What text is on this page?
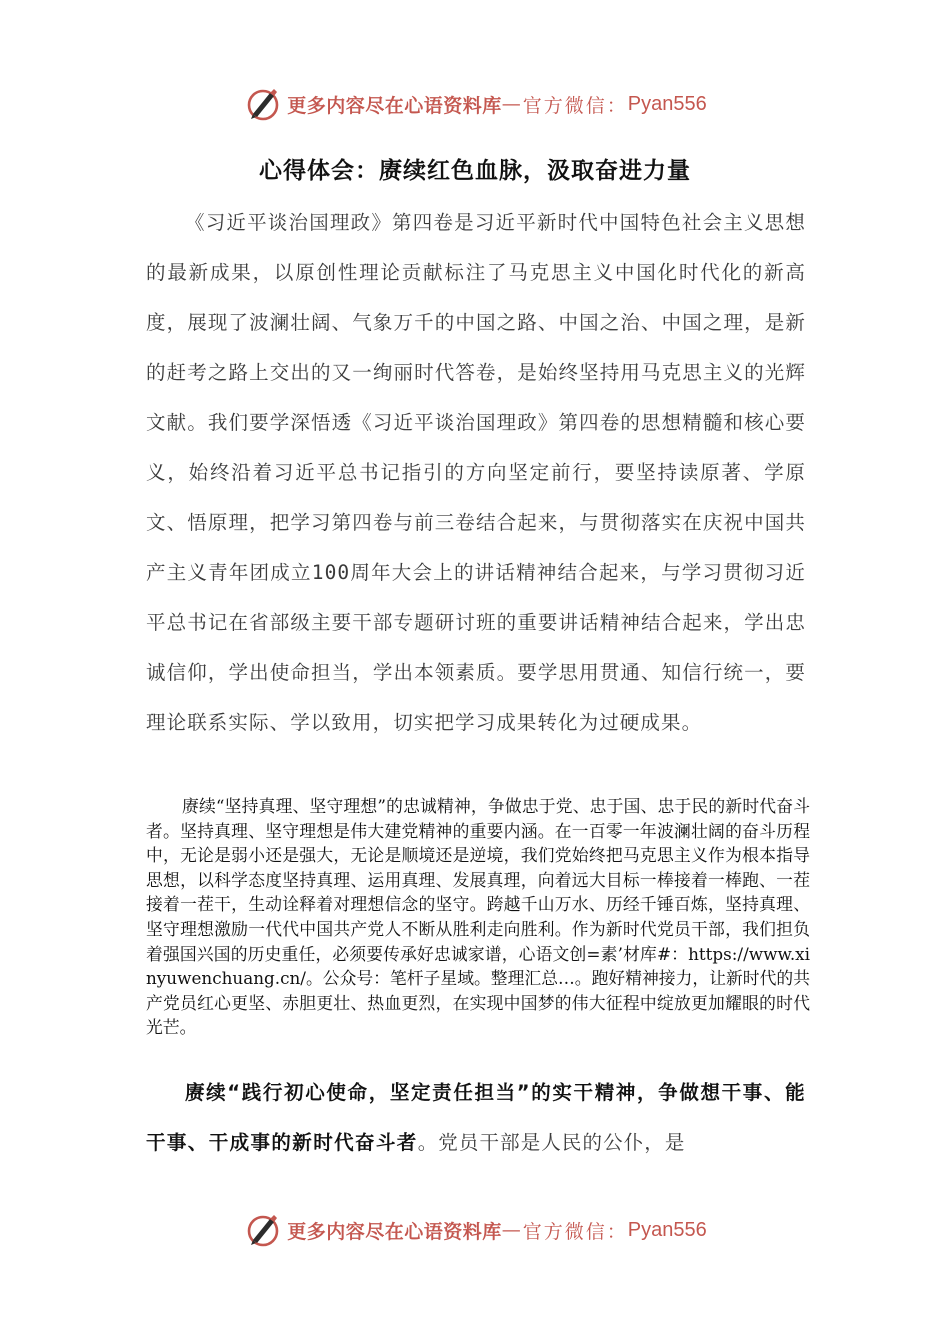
更多内容尽在心语资料库 — 官方微信： Pyan556
心得体会：赓续红色血脉，汲取奋进力量

《习近平谈治国理政》第四卷是习近平新时代中国特色社会主义思想的最新成果，以原创性理论贡献标注了马克思主义中国化时代化的新高度，展现了波澜壮阔、气象万千的中国之路、中国之治、中国之理，是新的赶考之路上交出的又一绚丽时代答卷，是始终坚持用马克思主义的光辉文献。我们要学深悟透《习近平谈治国理政》第四卷的思想精髓和核心要义，始终沿着习近平总书记指引的方向坚定前行，要坚持读原著、学原文、悟原理，把学习第四卷与前三卷结合起来，与贯彻落实在庆祝中国共产主义青年团成立100周年大会上的讲话精神结合起来，与学习贯彻习近平总书记在省部级主要干部专题研讨班的重要讲话精神结合起来，学出忠诚信仰，学出使命担当，学出本领素质。要学思用贯通、知信行统一，要理论联系实际、学以致用，切实把学习成果转化为过硬成果。

赓续“坚持真理、坚守理想”的忠诚精神，争做忠于党、忠于国、忠于民的新时代奋斗者。坚持真理、坚守理想是伟大建党精神的重要内涵。在一百零一年波澜壮阔的奋斗历程中，无论是弱小还是强大，无论是顺境还是逆境，我们党始终把马克思主义作为根本指导思想，以科学态度坚持真理、运用真理、发展真理，向着远大目标一棒接着一棒跑、一茬接着一茬干，生动诠释着对理想信念的坚守。跨越千山万水、历经千锤百炼，坚持真理、坚守理想激励一代代中国共产党人不断从胜利走向胜利。作为新时代党员干部，我们担负着强国兴国的历史重任，必须要传承好忠诚家谱，心语文创=素’材库#：https://www.xinyuwenchuang.cn/。公众号：笔杆子星域。整理汇总…。跑好精神接力，让新时代的共产党员红心更坚、赤胆更壮、热血更烈，在实现中国梦的伟大征程中绽放更加耀眼的时代光芒。

赓续“践行初心使命，坚定责任担当”的实干精神，争做想干事、能干事、干成事的新时代奋斗者。党员干部是人民的公仆，是

更多内容尽在心语资料库 — 官方微信： Pyan556
